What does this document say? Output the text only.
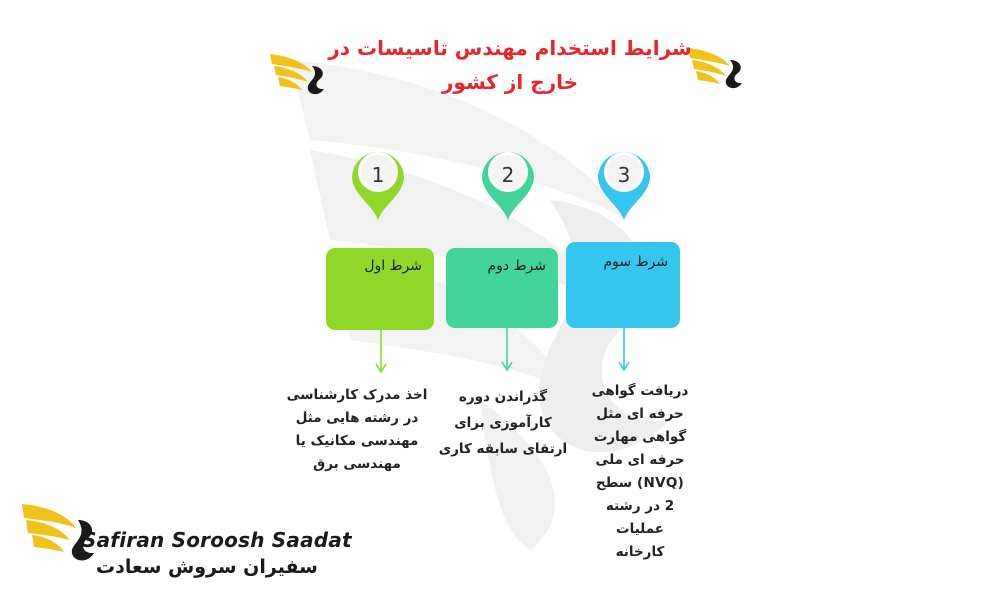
شرایط استخدام مهندس تاسیسات در
خارج از کشور
1	2	3
شرط اول	شرط دوم	شرط سوم
اخذ مدرک کارشناسی
در رشته هایی مثل
مهندسی مکانیک یا
مهندسی برق
گذراندن دوره
کارآموزی برای
ارتقای سابقه کاری
دریافت گواهی
حرفه ای مثل
گواهی مهارت
حرفه ای ملی
(NVQ) سطح
2 در رشته
عملیات
کارخانه
Safiran Soroosh Saadat
سفیران سروش سعادت
